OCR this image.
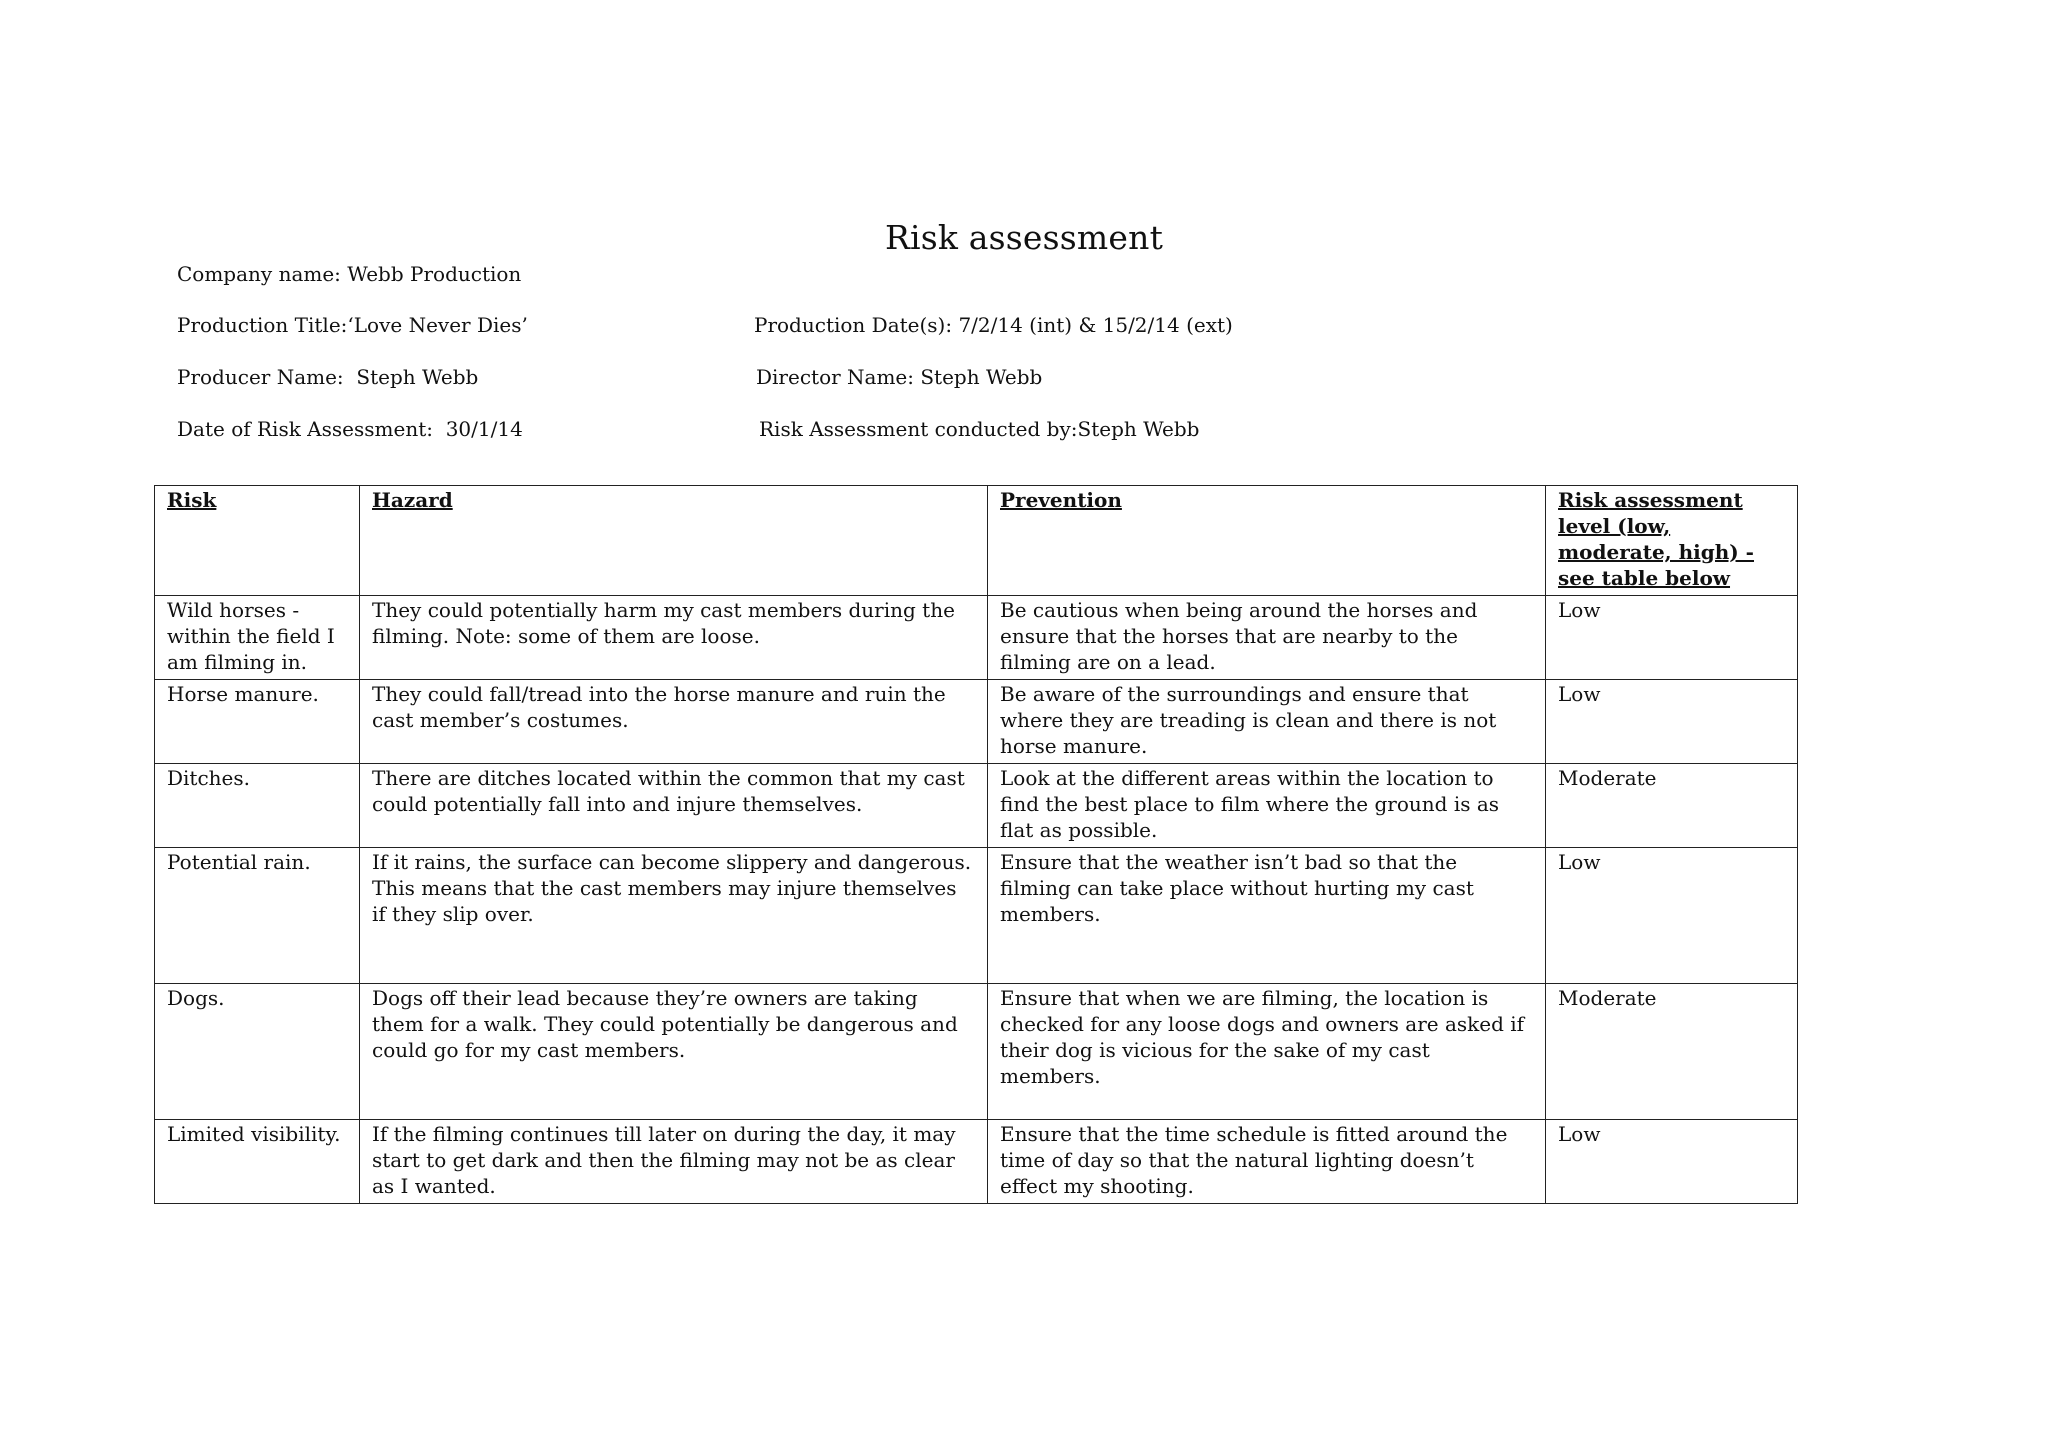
Risk assessment
Company name: Webb Production
Production Title:‘Love Never Dies’	Production Date(s): 7/2/14 (int) & 15/2/14 (ext)
Producer Name:  Steph Webb	Director Name: Steph Webb
Date of Risk Assessment:  30/1/14	Risk Assessment conducted by:Steph Webb
Risk	Hazard	Prevention	Risk assessment level (low, moderate, high) - see table below
Wild horses - within the field I am filming in.	They could potentially harm my cast members during the filming. Note: some of them are loose.	Be cautious when being around the horses and ensure that the horses that are nearby to the filming are on a lead.	Low
Horse manure.	They could fall/tread into the horse manure and ruin the cast member’s costumes.	Be aware of the surroundings and ensure that where they are treading is clean and there is not horse manure.	Low
Ditches.	There are ditches located within the common that my cast could potentially fall into and injure themselves.	Look at the different areas within the location to find the best place to film where the ground is as flat as possible.	Moderate
Potential rain.	If it rains, the surface can become slippery and dangerous. This means that the cast members may injure themselves if they slip over.	Ensure that the weather isn’t bad so that the filming can take place without hurting my cast members.	Low
Dogs.	Dogs off their lead because they’re owners are taking them for a walk. They could potentially be dangerous and could go for my cast members.	Ensure that when we are filming, the location is checked for any loose dogs and owners are asked if their dog is vicious for the sake of my cast members.	Moderate
Limited visibility.	If the filming continues till later on during the day, it may start to get dark and then the filming may not be as clear as I wanted.	Ensure that the time schedule is fitted around the time of day so that the natural lighting doesn’t effect my shooting.	Low
